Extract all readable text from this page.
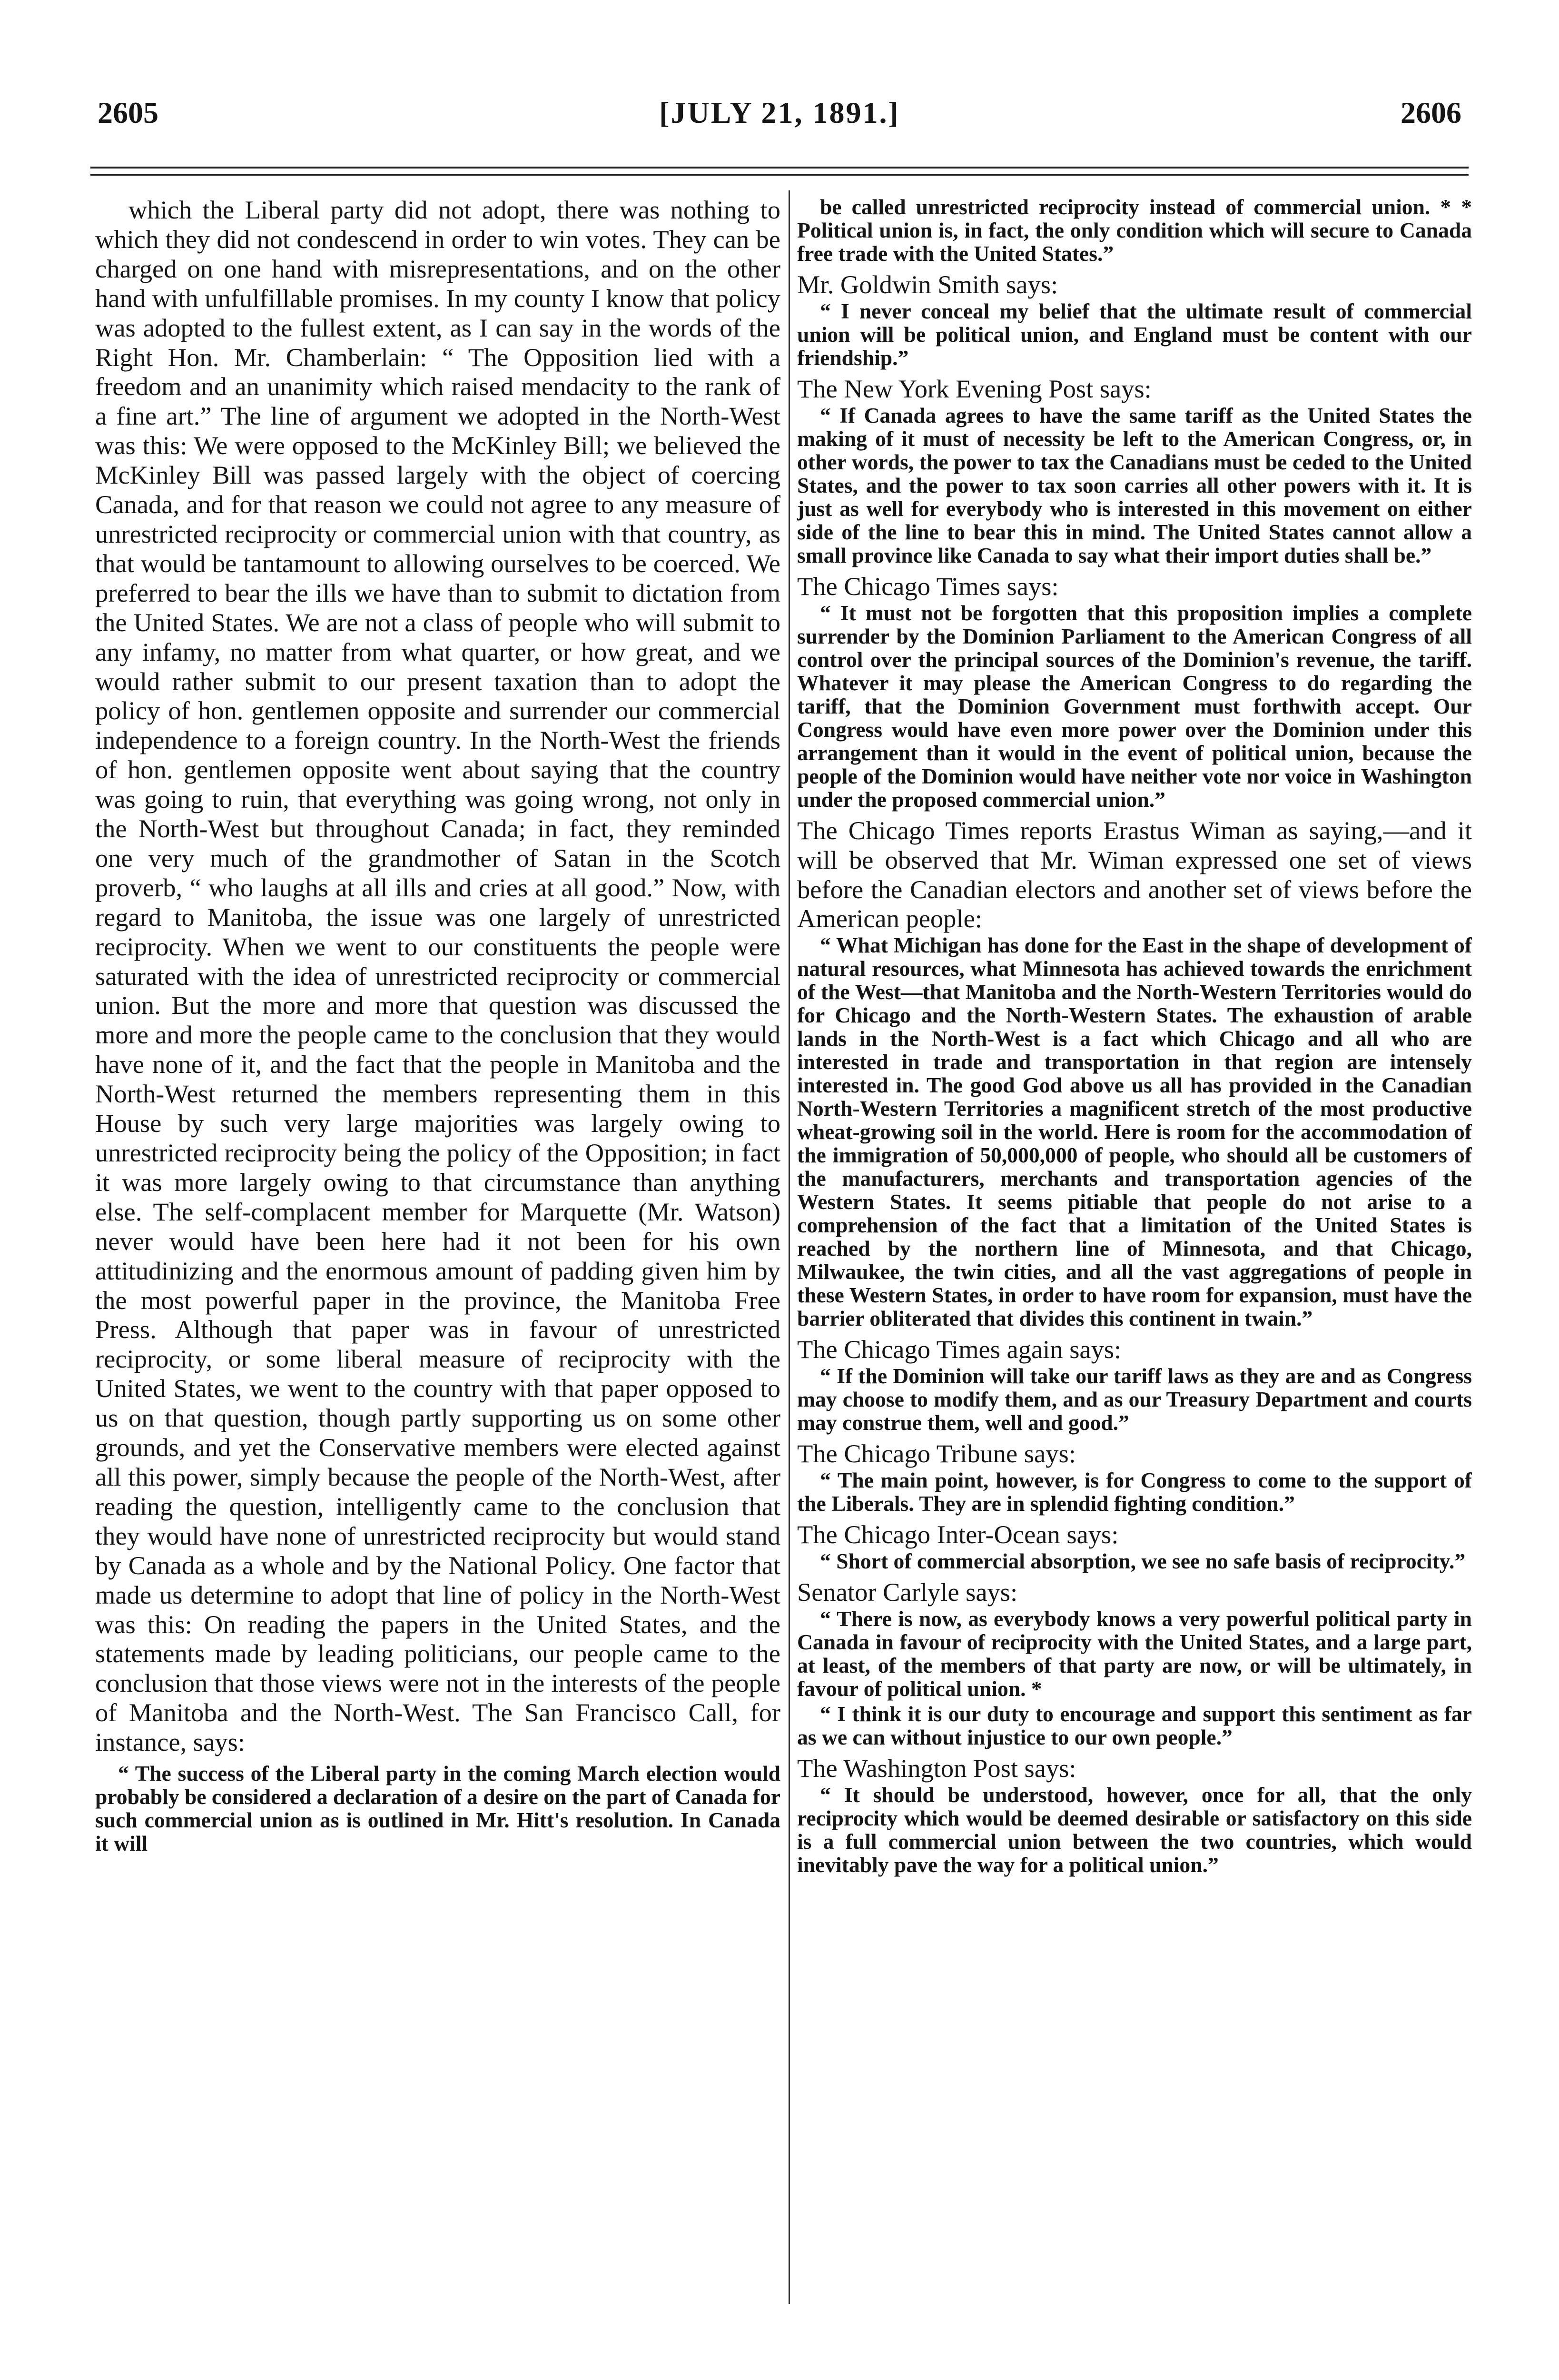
2605	[JULY 21, 1891.]	2606

which the Liberal party did not adopt, there was nothing to which they did not condescend in order to win votes. They can be charged on one hand with misrepresentations, and on the other hand with unfulfillable promises. In my county I know that policy was adopted to the fullest extent, as I can say in the words of the Right Hon. Mr. Chamberlain: “ The Opposition lied with a freedom and an unanimity which raised mendacity to the rank of a fine art.” The line of argument we adopted in the North-West was this: We were opposed to the McKinley Bill; we believed the McKinley Bill was passed largely with the object of coercing Canada, and for that reason we could not agree to any measure of unrestricted reciprocity or commercial union with that country, as that would be tantamount to allowing ourselves to be coerced. We preferred to bear the ills we have than to submit to dictation from the United States. We are not a class of people who will submit to any infamy, no matter from what quarter, or how great, and we would rather submit to our present taxation than to adopt the policy of hon. gentlemen opposite and surrender our commercial independence to a foreign country. In the North-West the friends of hon. gentlemen opposite went about saying that the country was going to ruin, that everything was going wrong, not only in the North-West but throughout Canada; in fact, they reminded one very much of the grandmother of Satan in the Scotch proverb, “ who laughs at all ills and cries at all good.” Now, with regard to Manitoba, the issue was one largely of unrestricted reciprocity. When we went to our constituents the people were saturated with the idea of unrestricted reciprocity or commercial union. But the more and more that question was discussed the more and more the people came to the conclusion that they would have none of it, and the fact that the people in Manitoba and the North-West returned the members representing them in this House by such very large majorities was largely owing to unrestricted reciprocity being the policy of the Opposition; in fact it was more largely owing to that circumstance than anything else. The self-complacent member for Marquette (Mr. Watson) never would have been here had it not been for his own attitudinizing and the enormous amount of padding given him by the most powerful paper in the province, the Manitoba Free Press. Although that paper was in favour of unrestricted reciprocity, or some liberal measure of reciprocity with the United States, we went to the country with that paper opposed to us on that question, though partly supporting us on some other grounds, and yet the Conservative members were elected against all this power, simply because the people of the North-West, after reading the question, intelligently came to the conclusion that they would have none of unrestricted reciprocity but would stand by Canada as a whole and by the National Policy. One factor that made us determine to adopt that line of policy in the North-West was this: On reading the papers in the United States, and the statements made by leading politicians, our people came to the conclusion that those views were not in the interests of the people of Manitoba and the North-West. The San Francisco Call, for instance, says:

“ The success of the Liberal party in the coming March election would probably be considered a declaration of a desire on the part of Canada for such commercial union as is outlined in Mr. Hitt's resolution. In Canada it will

be called unrestricted reciprocity instead of commercial union. * * Political union is, in fact, the only condition which will secure to Canada free trade with the United States.”

Mr. Goldwin Smith says:

“ I never conceal my belief that the ultimate result of commercial union will be political union, and England must be content with our friendship.”

The New York Evening Post says:

“ If Canada agrees to have the same tariff as the United States the making of it must of necessity be left to the American Congress, or, in other words, the power to tax the Canadians must be ceded to the United States, and the power to tax soon carries all other powers with it. It is just as well for everybody who is interested in this movement on either side of the line to bear this in mind. The United States cannot allow a small province like Canada to say what their import duties shall be.”

The Chicago Times says:

“ It must not be forgotten that this proposition implies a complete surrender by the Dominion Parliament to the American Congress of all control over the principal sources of the Dominion's revenue, the tariff. Whatever it may please the American Congress to do regarding the tariff, that the Dominion Government must forthwith accept. Our Congress would have even more power over the Dominion under this arrangement than it would in the event of political union, because the people of the Dominion would have neither vote nor voice in Washington under the proposed commercial union.”

The Chicago Times reports Erastus Wiman as saying,—and it will be observed that Mr. Wiman expressed one set of views before the Canadian electors and another set of views before the American people:

“ What Michigan has done for the East in the shape of development of natural resources, what Minnesota has achieved towards the enrichment of the West—that Manitoba and the North-Western Territories would do for Chicago and the North-Western States. The exhaustion of arable lands in the North-West is a fact which Chicago and all who are interested in trade and transportation in that region are intensely interested in. The good God above us all has provided in the Canadian North-Western Territories a magnificent stretch of the most productive wheat-growing soil in the world. Here is room for the accommodation of the immigration of 50,000,000 of people, who should all be customers of the manufacturers, merchants and transportation agencies of the Western States. It seems pitiable that people do not arise to a comprehension of the fact that a limitation of the United States is reached by the northern line of Minnesota, and that Chicago, Milwaukee, the twin cities, and all the vast aggregations of people in these Western States, in order to have room for expansion, must have the barrier obliterated that divides this continent in twain.”

The Chicago Times again says:

“ If the Dominion will take our tariff laws as they are and as Congress may choose to modify them, and as our Treasury Department and courts may construe them, well and good.”

The Chicago Tribune says:

“ The main point, however, is for Congress to come to the support of the Liberals. They are in splendid fighting condition.”

The Chicago Inter-Ocean says:

“ Short of commercial absorption, we see no safe basis of reciprocity.”

Senator Carlyle says:

“ There is now, as everybody knows a very powerful political party in Canada in favour of reciprocity with the United States, and a large part, at least, of the members of that party are now, or will be ultimately, in favour of political union. *

“ I think it is our duty to encourage and support this sentiment as far as we can without injustice to our own people.”

The Washington Post says:

“ It should be understood, however, once for all, that the only reciprocity which would be deemed desirable or satisfactory on this side is a full commercial union between the two countries, which would inevitably pave the way for a political union.”
